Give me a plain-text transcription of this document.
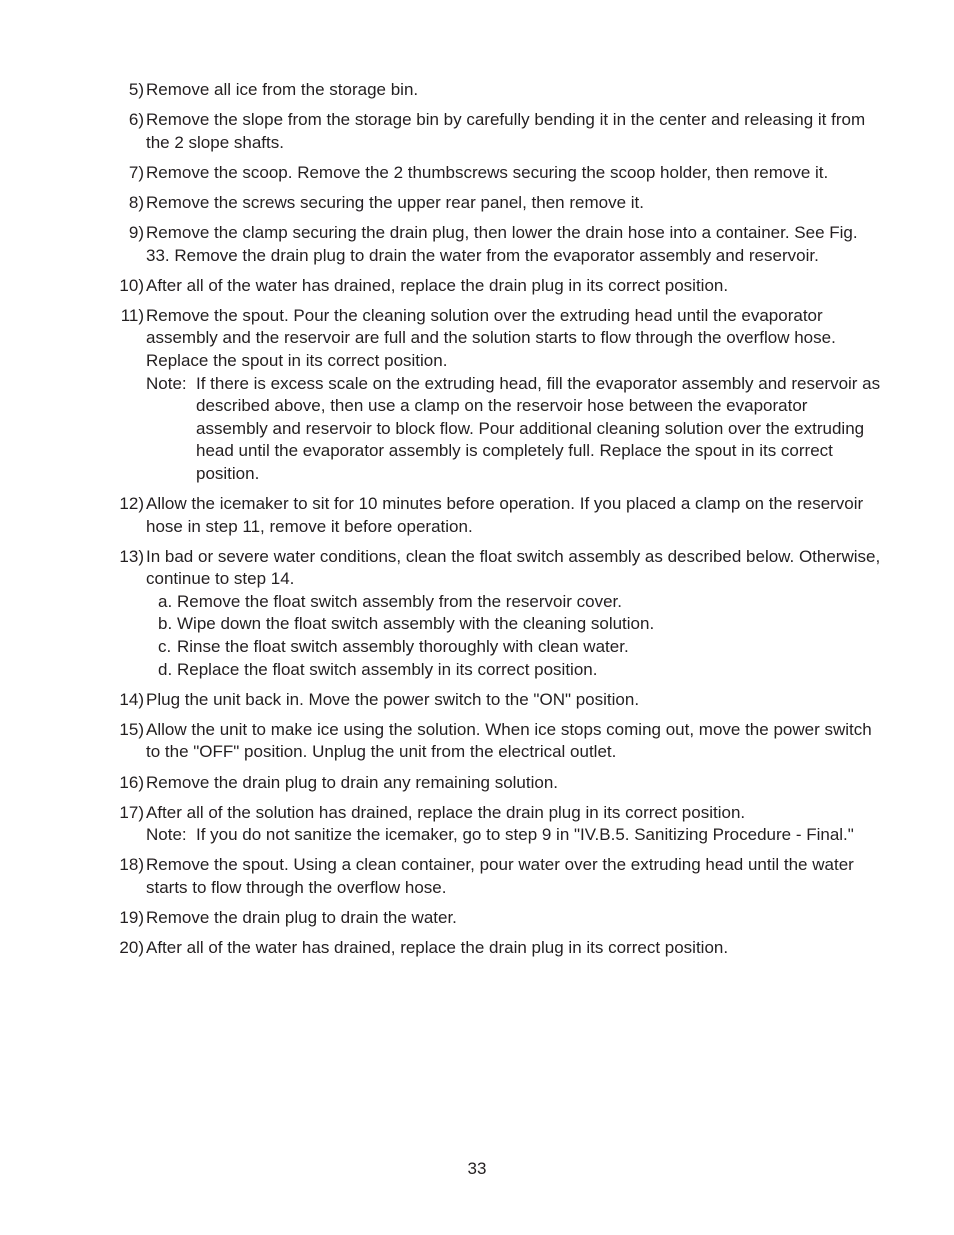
5) Remove all ice from the storage bin.
6) Remove the slope from the storage bin by carefully bending it in the center and releasing it from the 2 slope shafts.
7) Remove the scoop. Remove the 2 thumbscrews securing the scoop holder, then remove it.
8) Remove the screws securing the upper rear panel, then remove it.
9) Remove the clamp securing the drain plug, then lower the drain hose into a container. See Fig. 33. Remove the drain plug to drain the water from the evaporator assembly and reservoir.
10) After all of the water has drained, replace the drain plug in its correct position.
11) Remove the spout. Pour the cleaning solution over the extruding head until the evaporator assembly and the reservoir are full and the solution starts to flow through the overflow hose. Replace the spout in its correct position.
Note: If there is excess scale on the extruding head, fill the evaporator assembly and reservoir as described above, then use a clamp on the reservoir hose between the evaporator assembly and reservoir to block flow. Pour additional cleaning solution over the extruding head until the evaporator assembly is completely full. Replace the spout in its correct position.
12) Allow the icemaker to sit for 10 minutes before operation. If you placed a clamp on the reservoir hose in step 11, remove it before operation.
13) In bad or severe water conditions, clean the float switch assembly as described below. Otherwise, continue to step 14.
a. Remove the float switch assembly from the reservoir cover.
b. Wipe down the float switch assembly with the cleaning solution.
c. Rinse the float switch assembly thoroughly with clean water.
d. Replace the float switch assembly in its correct position.
14) Plug the unit back in. Move the power switch to the "ON" position.
15) Allow the unit to make ice using the solution. When ice stops coming out, move the power switch to the "OFF" position. Unplug the unit from the electrical outlet.
16) Remove the drain plug to drain any remaining solution.
17) After all of the solution has drained, replace the drain plug in its correct position.
Note: If you do not sanitize the icemaker, go to step 9 in "IV.B.5. Sanitizing Procedure - Final."
18) Remove the spout. Using a clean container, pour water over the extruding head until the water starts to flow through the overflow hose.
19) Remove the drain plug to drain the water.
20) After all of the water has drained, replace the drain plug in its correct position.
33
